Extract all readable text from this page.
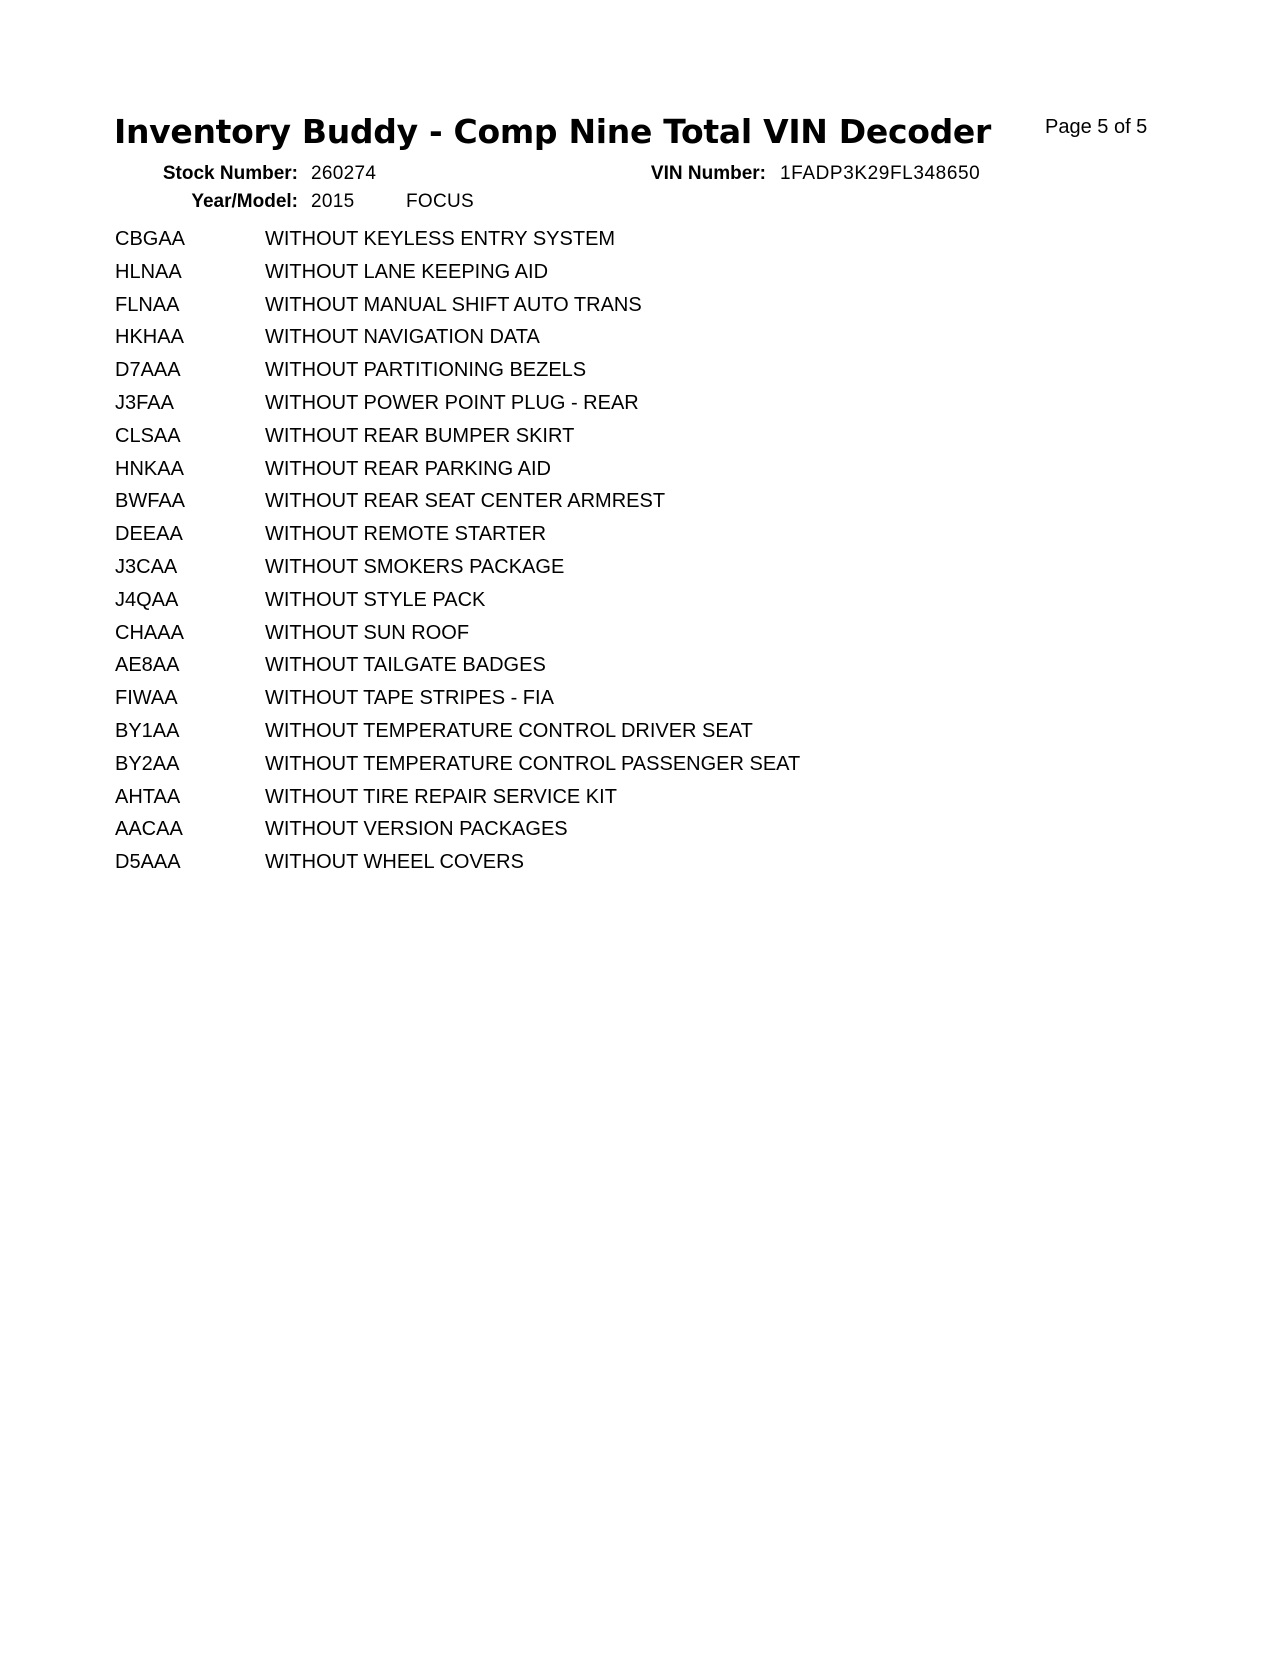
Inventory Buddy - Comp Nine Total VIN Decoder	Page 5 of 5
Stock Number: 260274	VIN Number: 1FADP3K29FL348650
Year/Model: 2015	FOCUS
CBGAA	WITHOUT KEYLESS ENTRY SYSTEM
HLNAA	WITHOUT LANE KEEPING AID
FLNAA	WITHOUT MANUAL SHIFT AUTO TRANS
HKHAA	WITHOUT NAVIGATION DATA
D7AAA	WITHOUT PARTITIONING BEZELS
J3FAA	WITHOUT POWER POINT PLUG - REAR
CLSAA	WITHOUT REAR BUMPER SKIRT
HNKAA	WITHOUT REAR PARKING AID
BWFAA	WITHOUT REAR SEAT CENTER ARMREST
DEEAA	WITHOUT REMOTE STARTER
J3CAA	WITHOUT SMOKERS PACKAGE
J4QAA	WITHOUT STYLE PACK
CHAAA	WITHOUT SUN ROOF
AE8AA	WITHOUT TAILGATE BADGES
FIWAA	WITHOUT TAPE STRIPES - FIA
BY1AA	WITHOUT TEMPERATURE CONTROL DRIVER SEAT
BY2AA	WITHOUT TEMPERATURE CONTROL PASSENGER SEAT
AHTAA	WITHOUT TIRE REPAIR SERVICE KIT
AACAA	WITHOUT VERSION PACKAGES
D5AAA	WITHOUT WHEEL COVERS
